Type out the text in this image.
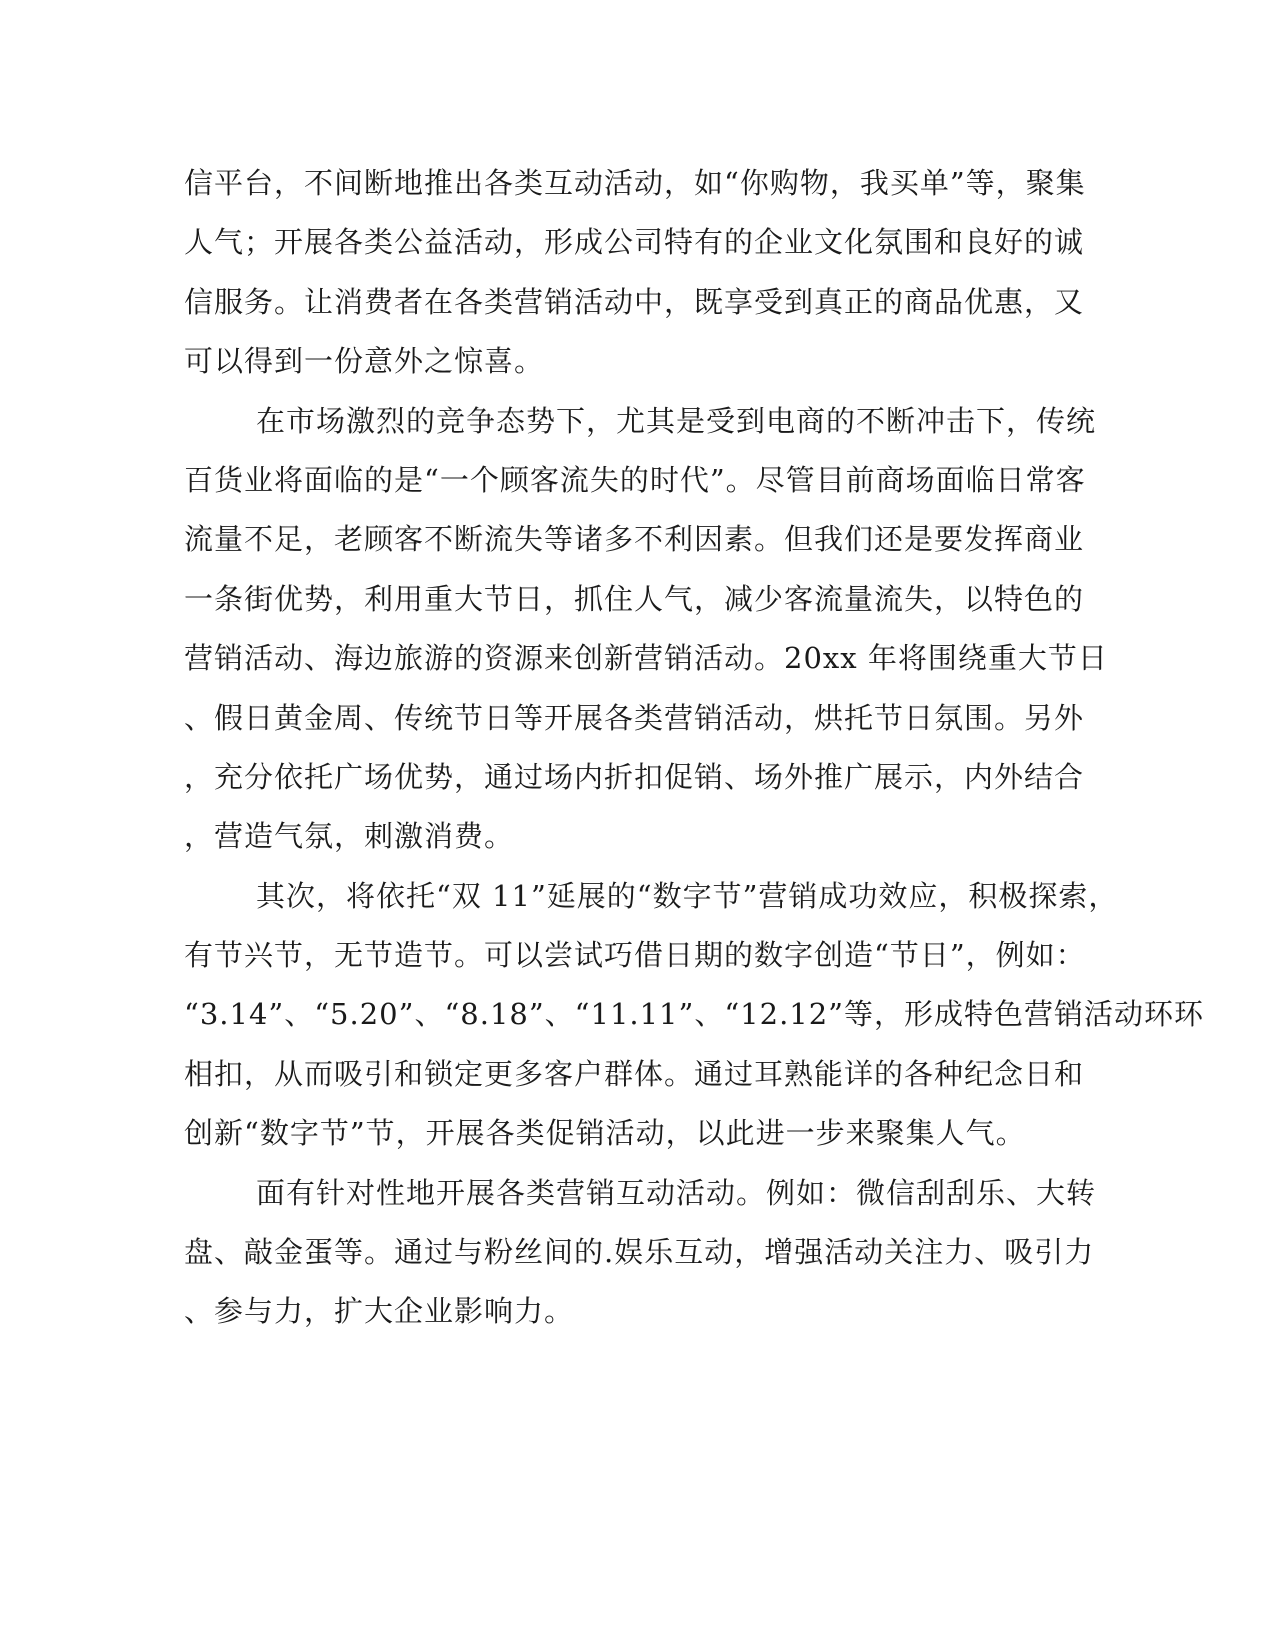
信平台，不间断地推出各类互动活动，如“你购物，我买单”等，聚集
人气；开展各类公益活动，形成公司特有的企业文化氛围和良好的诚
信服务。让消费者在各类营销活动中，既享受到真正的商品优惠，又
可以得到一份意外之惊喜。
在市场激烈的竞争态势下，尤其是受到电商的不断冲击下，传统
百货业将面临的是“一个顾客流失的时代”。尽管目前商场面临日常客
流量不足，老顾客不断流失等诸多不利因素。但我们还是要发挥商业
一条街优势，利用重大节日，抓住人气，减少客流量流失，以特色的
营销活动、海边旅游的资源来创新营销活动。20xx 年将围绕重大节日
、假日黄金周、传统节日等开展各类营销活动，烘托节日氛围。另外
，充分依托广场优势，通过场内折扣促销、场外推广展示，内外结合
，营造气氛，刺激消费。
其次，将依托“双 11”延展的“数字节”营销成功效应，积极探索，
有节兴节，无节造节。可以尝试巧借日期的数字创造“节日”，例如：
“3.14”、“5.20”、“8.18”、“11.11”、“12.12”等，形成特色营销活动环环
相扣，从而吸引和锁定更多客户群体。通过耳熟能详的各种纪念日和
创新“数字节”节，开展各类促销活动，以此进一步来聚集人气。
面有针对性地开展各类营销互动活动。例如：微信刮刮乐、大转
盘、敲金蛋等。通过与粉丝间的.娱乐互动，增强活动关注力、吸引力
、参与力，扩大企业影响力。
